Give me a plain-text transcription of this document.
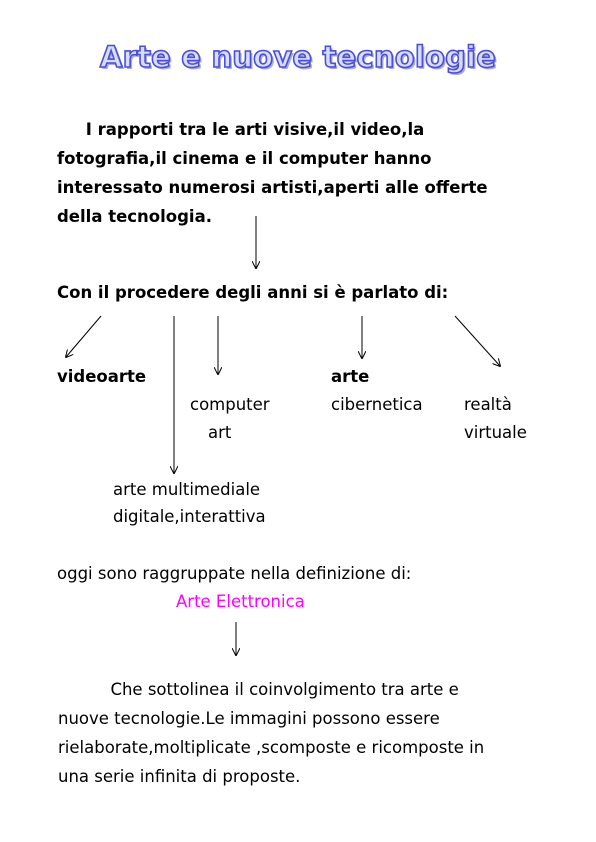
Arte e nuove tecnologie
I rapporti tra le arti visive,il video,la
fotografia,il cinema e il computer hanno
interessato numerosi artisti,aperti alle offerte
della tecnologia.
Con il procedere degli anni si è parlato di:
videoarte
computer
art
arte
cibernetica	realtà
virtuale
arte multimediale
digitale,interattiva
oggi sono raggruppate nella definizione di:
Arte Elettronica
Che sottolinea il coinvolgimento tra arte e
nuove tecnologie.Le immagini possono essere
rielaborate,moltiplicate ,scomposte e ricomposte in
una serie infinita di proposte.
